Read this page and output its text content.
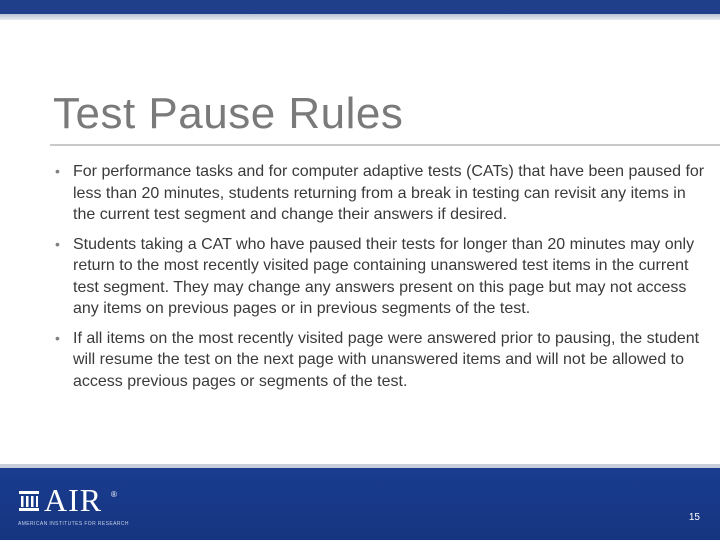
Test Pause Rules
• For performance tasks and for computer adaptive tests (CATs) that have been paused for less than 20 minutes, students returning from a break in testing can revisit any items in the current test segment and change their answers if desired.
• Students taking a CAT who have paused their tests for longer than 20 minutes may only return to the most recently visited page containing unanswered test items in the current test segment. They may change any answers present on this page but may not access any items on previous pages or in previous segments of the test.
• If all items on the most recently visited page were answered prior to pausing, the student will resume the test on the next page with unanswered items and will not be allowed to access previous pages or segments of the test.
AIR ®
AMERICAN INSTITUTES FOR RESEARCH
15
